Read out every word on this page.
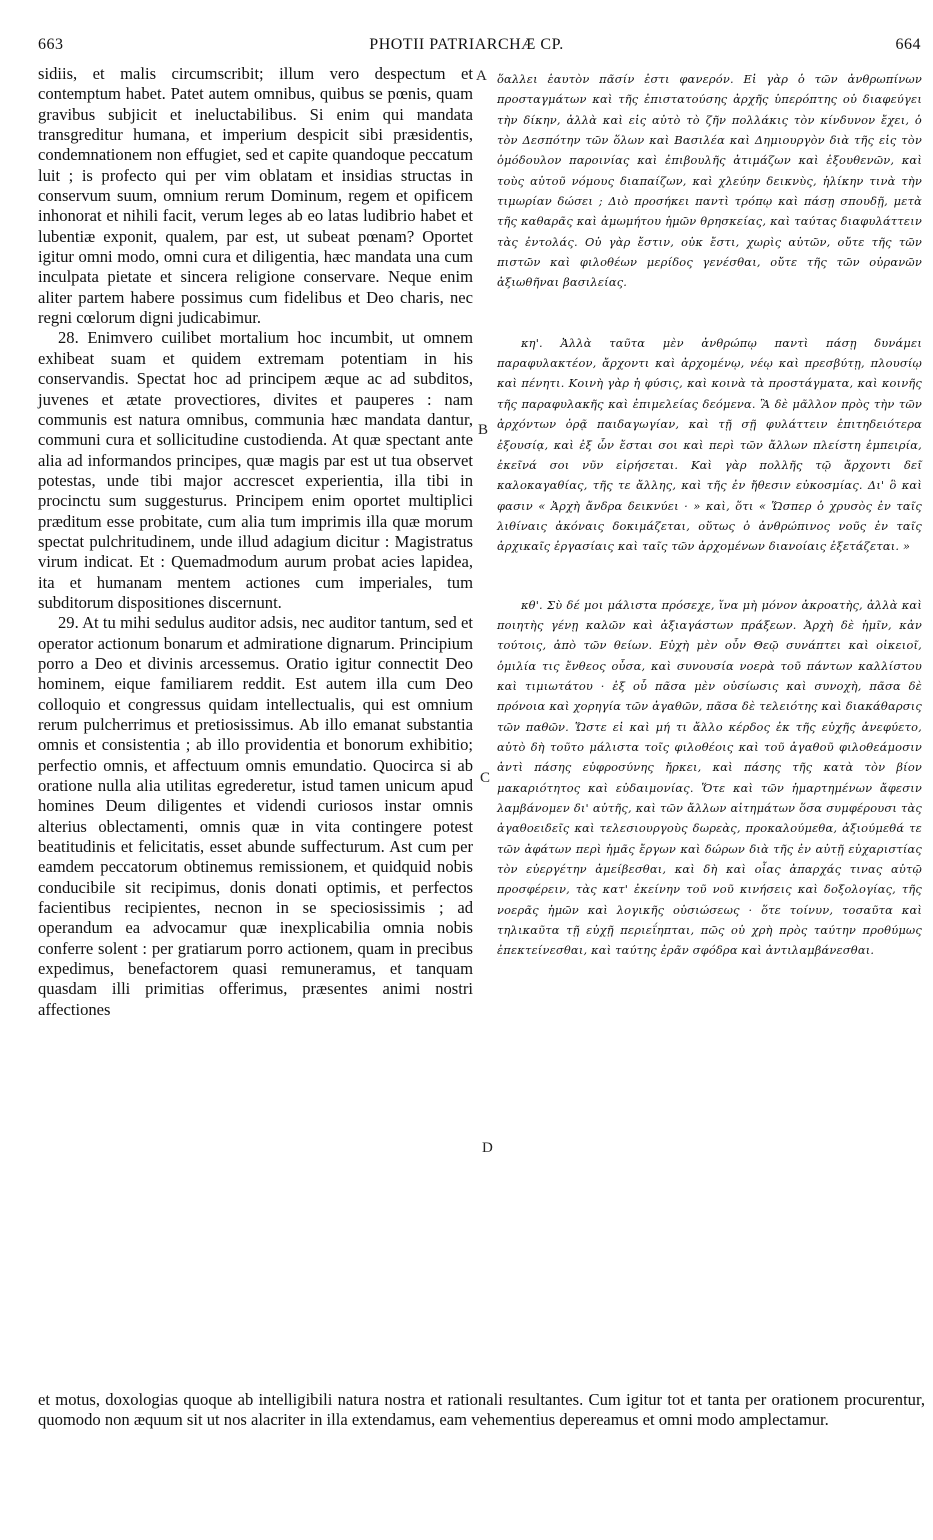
663	PHOTII PATRIARCHÆ CP.	664

sidiis, et malis circumscribit; illum vero despectum et contemptum habet. Patet autem omnibus, quibus se pœnis, quam gravibus subjicit et ineluctabilibus. Si enim qui mandata transgreditur humana, et imperium despicit sibi præsidentis, condemnationem non effugiet, sed et capite quandoque peccatum luit ; is profecto qui per vim oblatam et insidias structas in conservum suum, omnium rerum Dominum, regem et opificem inhonorat et nihili facit, verum leges ab eo latas ludibrio habet et lubentiæ exponit, qualem, par est, ut subeat pœnam? Oportet igitur omni modo, omni cura et diligentia, hæc mandata una cum inculpata pietate et sincera religione conservare. Neque enim aliter partem habere possimus cum fidelibus et Deo charis, nec regni cœlorum digni judicabimur.

28. Enimvero cuilibet mortalium hoc incumbit, ut omnem exhibeat suam et quidem extremam potentiam in his conservandis. Spectat hoc ad principem æque ac ad subditos, juvenes et ætate provectiores, divites et pauperes : nam communis est natura omnibus, communia hæc mandata dantur, communi cura et sollicitudine custodienda. At quæ spectant ante alia ad informandos principes, quæ magis par est ut tua observet potestas, unde tibi major accrescet experientia, illa tibi in procinctu sum suggesturus. Principem enim oportet multiplici præditum esse probitate, cum alia tum imprimis illa quæ morum spectat pulchritudinem, unde illud adagium dicitur : Magistratus virum indicat. Et : Quemadmodum aurum probat acies lapidea, ita et humanam mentem actiones cum imperiales, tum subditorum dispositiones discernunt.

29. At tu mihi sedulus auditor adsis, nec auditor tantum, sed et operator actionum bonarum et admiratione dignarum. Principium porro a Deo et divinis arcessemus. Oratio igitur connectit Deo hominem, eique familiarem reddit. Est autem illa cum Deo colloquio et congressus quidam intellectualis, qui est omnium rerum pulcherrimus et pretiosissimus. Ab illo emanat substantia omnis et consistentia ; ab illo providentia et bonorum exhibitio; perfectio omnis, et affectuum omnis emundatio. Quocirca si ab oratione nulla alia utilitas egrederetur, istud tamen unicum apud homines Deum diligentes et videndi curiosos instar omnis alterius oblectamenti, omnis quæ in vita contingere potest beatitudinis et felicitatis, esset abunde suffecturum. Ast cum per eamdem peccatorum obtinemus remissionem, et quidquid nobis conducibile sit recipimus, donis donati optimis, et perfectos facientibus recipientes, necnon in se speciosissimis ; ad operandum ea advocamur quæ inexplicabilia omnia nobis conferre solent : per gratiarum porro actionem, quam in precibus expedimus, benefactorem quasi remuneramus, et tanquam quasdam illi primitias offerimus, præsentes animi nostri affectiones

A
B
C
D

ὅαλλει ἑαυτὸν πᾶσίν ἐστι φανερόν. Εἰ γὰρ ὁ τῶν ἀνθρωπίνων προσταγμάτων καὶ τῆς ἐπιστατούσης ἀρχῆς ὑπερόπτης οὐ διαφεύγει τὴν δίκην, ἀλλὰ καὶ εἰς αὐτὸ τὸ ζῆν πολλάκις τὸν κίνδυνον ἔχει, ὁ τὸν Δεσπότην τῶν ὅλων καὶ Βασιλέα καὶ Δημιουργὸν διὰ τῆς εἰς τὸν ὁμόδουλον παροινίας καὶ ἐπιβουλῆς ἀτιμάζων καὶ ἐξουθενῶν, καὶ τοὺς αὐτοῦ νόμους διαπαίζων, καὶ χλεύην δεικνὺς, ἡλίκην τινὰ τὴν τιμωρίαν δώσει ; Διὸ προσήκει παντὶ τρόπῳ καὶ πάσῃ σπουδῇ, μετὰ τῆς καθαρᾶς καὶ ἀμωμήτου ἡμῶν θρησκείας, καὶ ταύτας διαφυλάττειν τὰς ἐντολάς. Οὐ γὰρ ἔστιν, οὐκ ἔστι, χωρὶς αὐτῶν, οὔτε τῆς τῶν πιστῶν καὶ φιλοθέων μερίδος γενέσθαι, οὔτε τῆς τῶν οὐρανῶν ἀξιωθῆναι βασιλείας.

κη'. Ἀλλὰ ταῦτα μὲν ἀνθρώπῳ παντὶ πάσῃ δυνάμει παραφυλακτέον, ἄρχοντι καὶ ἀρχομένῳ, νέῳ καὶ πρεσβύτῃ, πλουσίῳ καὶ πένητι. Κοινὴ γὰρ ἡ φύσις, καὶ κοινὰ τὰ προστάγματα, καὶ κοινῆς τῆς παραφυλακῆς καὶ ἐπιμελείας δεόμενα. Ἃ δὲ μᾶλλον πρὸς τὴν τῶν ἀρχόντων ὁρᾷ παιδαγωγίαν, καὶ τῇ σῇ φυλάττειν ἐπιτηδειότερα ἐξουσίᾳ, καὶ ἐξ ὧν ἔσται σοι καὶ περὶ τῶν ἄλλων πλείστη ἐμπειρία, ἐκεῖνά σοι νῦν εἰρήσεται. Καὶ γὰρ πολλῆς τῷ ἄρχοντι δεῖ καλοκαγαθίας, τῆς τε ἄλλης, καὶ τῆς ἐν ἤθεσιν εὐκοσμίας. Δι' ὃ καὶ φασιν « Ἀρχὴ ἄνδρα δεικνύει · » καὶ, ὅτι « Ὥσπερ ὁ χρυσὸς ἐν ταῖς λιθίναις ἀκόναις δοκιμάζεται, οὕτως ὁ ἀνθρώπινος νοῦς ἐν ταῖς ἀρχικαῖς ἐργασίαις καὶ ταῖς τῶν ἀρχομένων διανοίαις ἐξετάζεται. »

κθ'. Σὺ δέ μοι μάλιστα πρόσεχε, ἵνα μὴ μόνον ἀκροατὴς, ἀλλὰ καὶ ποιητὴς γένῃ καλῶν καὶ ἀξιαγάστων πράξεων. Ἀρχὴ δὲ ἡμῖν, κἀν τούτοις, ἀπὸ τῶν θείων. Εὐχὴ μὲν οὖν Θεῷ συνάπτει καὶ οἰκειοῖ, ὁμιλία τις ἔνθεος οὖσα, καὶ συνουσία νοερὰ τοῦ πάντων καλλίστου καὶ τιμιωτάτου · ἐξ οὗ πᾶσα μὲν οὐσίωσις καὶ συνοχὴ, πᾶσα δὲ πρόνοια καὶ χορηγία τῶν ἀγαθῶν, πᾶσα δὲ τελειότης καὶ διακάθαρσις τῶν παθῶν. Ὥστε εἰ καὶ μή τι ἄλλο κέρδος ἐκ τῆς εὐχῆς ἀνεφύετο, αὐτὸ δὴ τοῦτο μάλιστα τοῖς φιλοθέοις καὶ τοῦ ἀγαθοῦ φιλοθεάμοσιν ἀντὶ πάσης εὐφροσύνης ἤρκει, καὶ πάσης τῆς κατὰ τὸν βίον μακαριότητος καὶ εὐδαιμονίας. Ὅτε καὶ τῶν ἡμαρτημένων ἄφεσιν λαμβάνομεν δι' αὐτῆς, καὶ τῶν ἄλλων αἰτημάτων ὅσα συμφέρουσι τὰς ἀγαθοειδεῖς καὶ τελεσιουργοὺς δωρεὰς, προκαλούμεθα, ἀξιούμεθά τε τῶν ἀφάτων περὶ ἡμᾶς ἔργων καὶ δώρων διὰ τῆς ἐν αὐτῇ εὐχαριστίας τὸν εὐεργέτην ἀμείβεσθαι, καὶ δὴ καὶ οἷας ἀπαρχάς τινας αὐτῷ προσφέρειν, τὰς κατ' ἐκείνην τοῦ νοῦ κινήσεις καὶ δοξολογίας, τῆς νοερᾶς ἡμῶν καὶ λογικῆς οὐσιώσεως · ὅτε τοίνυν, τοσαῦτα καὶ τηλικαῦτα τῇ εὐχῇ περιεΐηπται, πῶς οὐ χρὴ πρὸς ταύτην προθύμως ἐπεκτείνεσθαι, καὶ ταύτης ἐρᾶν σφόδρα καὶ ἀντιλαμβάνεσθαι.

et motus, doxologias quoque ab intelligibili natura nostra et rationali resultantes. Cum igitur tot et tanta per orationem procurentur, quomodo non æquum sit ut nos alacriter in illa extendamus, eam vehementius depereamus et omni modo amplectamur.
